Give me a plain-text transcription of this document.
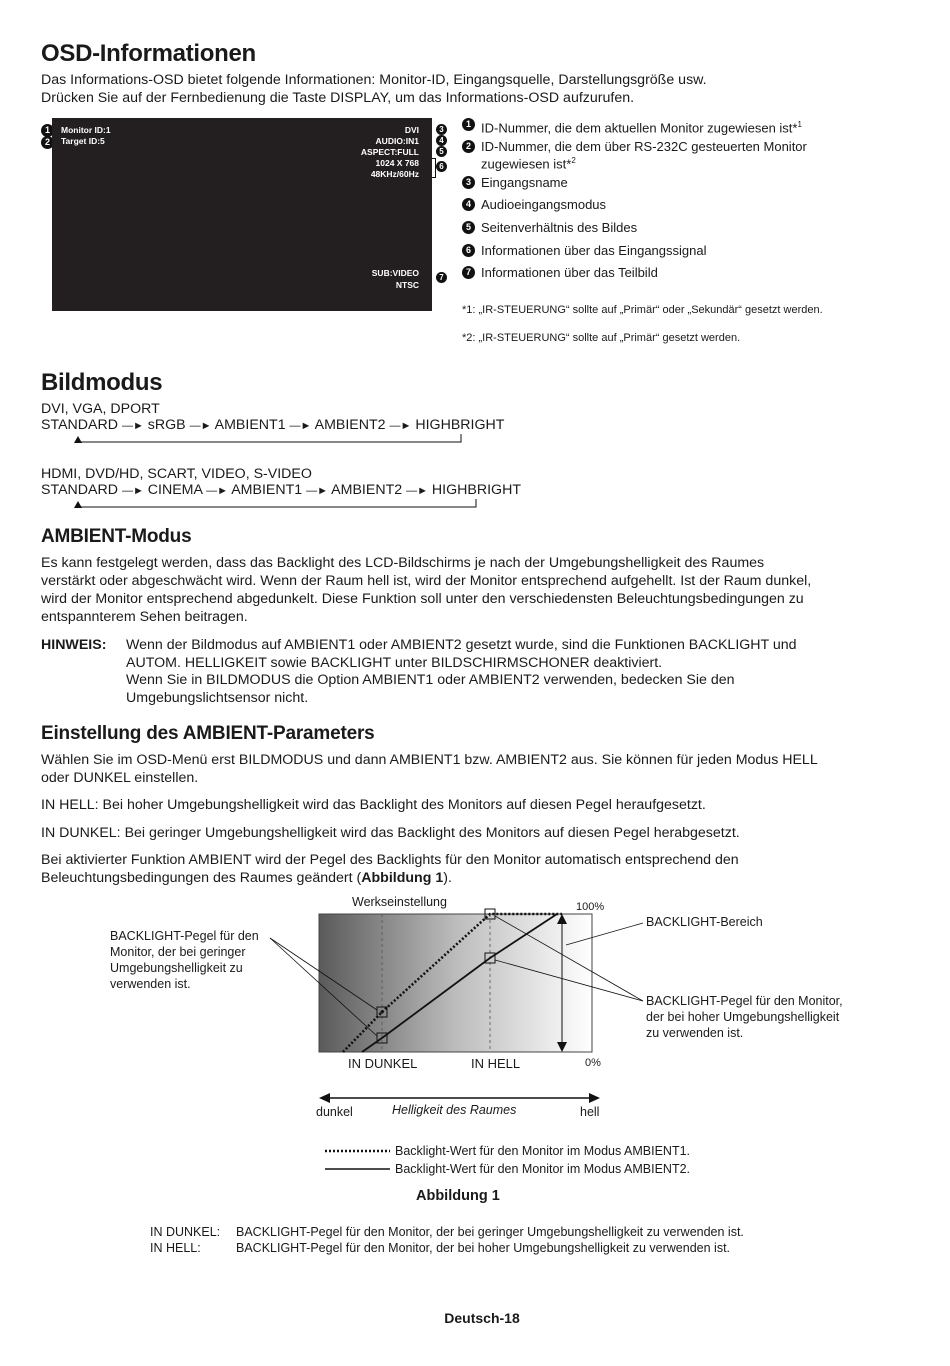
OSD-Informationen
Das Informations-OSD bietet folgende Informationen: Monitor-ID, Eingangsquelle, Darstellungsgröße usw.
Drücken Sie auf der Fernbedienung die Taste DISPLAY, um das Informations-OSD aufzurufen.
1
2
Monitor ID:1
Target ID:5
DVI
AUDIO:IN1
ASPECT:FULL
1024 X 768
48KHz/60Hz
SUB:VIDEO
NTSC
3
4
5
6
7
1 ID-Nummer, die dem aktuellen Monitor zugewiesen ist*$^1$
2 ID-Nummer, die dem über RS-232C gesteuerten Monitor
zugewiesen ist*$^2$
3 Eingangsname
4 Audioeingangsmodus
5 Seitenverhältnis des Bildes
6 Informationen über das Eingangssignal
7 Informationen über das Teilbild
*1: „IR-STEUERUNG“ sollte auf „Primär“ oder „Sekundär“ gesetzt werden.
*2: „IR-STEUERUNG“ sollte auf „Primär“ gesetzt werden.
Bildmodus
DVI, VGA, DPORT
STANDARD —► sRGB —► AMBIENT1 —► AMBIENT2 —► HIGHBRIGHT
HDMI, DVD/HD, SCART, VIDEO, S-VIDEO
STANDARD —► CINEMA —► AMBIENT1 —► AMBIENT2 —► HIGHBRIGHT
AMBIENT-Modus
Es kann festgelegt werden, dass das Backlight des LCD-Bildschirms je nach der Umgebungshelligkeit des Raumes
verstärkt oder abgeschwächt wird. Wenn der Raum hell ist, wird der Monitor entsprechend aufgehellt. Ist der Raum dunkel,
wird der Monitor entsprechend abgedunkelt. Diese Funktion soll unter den verschiedensten Beleuchtungsbedingungen zu
entspannterem Sehen beitragen.
HINWEIS: Wenn der Bildmodus auf AMBIENT1 oder AMBIENT2 gesetzt wurde, sind die Funktionen BACKLIGHT und
AUTOM. HELLIGKEIT sowie BACKLIGHT unter BILDSCHIRMSCHONER deaktiviert.
Wenn Sie in BILDMODUS die Option AMBIENT1 oder AMBIENT2 verwenden, bedecken Sie den
Umgebungslichtsensor nicht.
Einstellung des AMBIENT-Parameters
Wählen Sie im OSD-Menü erst BILDMODUS und dann AMBIENT1 bzw. AMBIENT2 aus. Sie können für jeden Modus HELL
oder DUNKEL einstellen.
IN HELL: Bei hoher Umgebungshelligkeit wird das Backlight des Monitors auf diesen Pegel heraufgesetzt.
IN DUNKEL: Bei geringer Umgebungshelligkeit wird das Backlight des Monitors auf diesen Pegel herabgesetzt.
Bei aktivierter Funktion AMBIENT wird der Pegel des Backlights für den Monitor automatisch entsprechend den
Beleuchtungsbedingungen des Raumes geändert (Abbildung 1).
Werkseinstellung	100%
0%
BACKLIGHT-Bereich
BACKLIGHT-Pegel für den
Monitor, der bei geringer
Umgebungshelligkeit zu
verwenden ist.
BACKLIGHT-Pegel für den Monitor,
der bei hoher Umgebungshelligkeit
zu verwenden ist.
IN DUNKEL	IN HELL
dunkel	Helligkeit des Raumes	hell
Backlight-Wert für den Monitor im Modus AMBIENT1.
Backlight-Wert für den Monitor im Modus AMBIENT2.
Abbildung 1
IN DUNKEL: BACKLIGHT-Pegel für den Monitor, der bei geringer Umgebungshelligkeit zu verwenden ist.
IN HELL:	BACKLIGHT-Pegel für den Monitor, der bei hoher Umgebungshelligkeit zu verwenden ist.
Deutsch-18
